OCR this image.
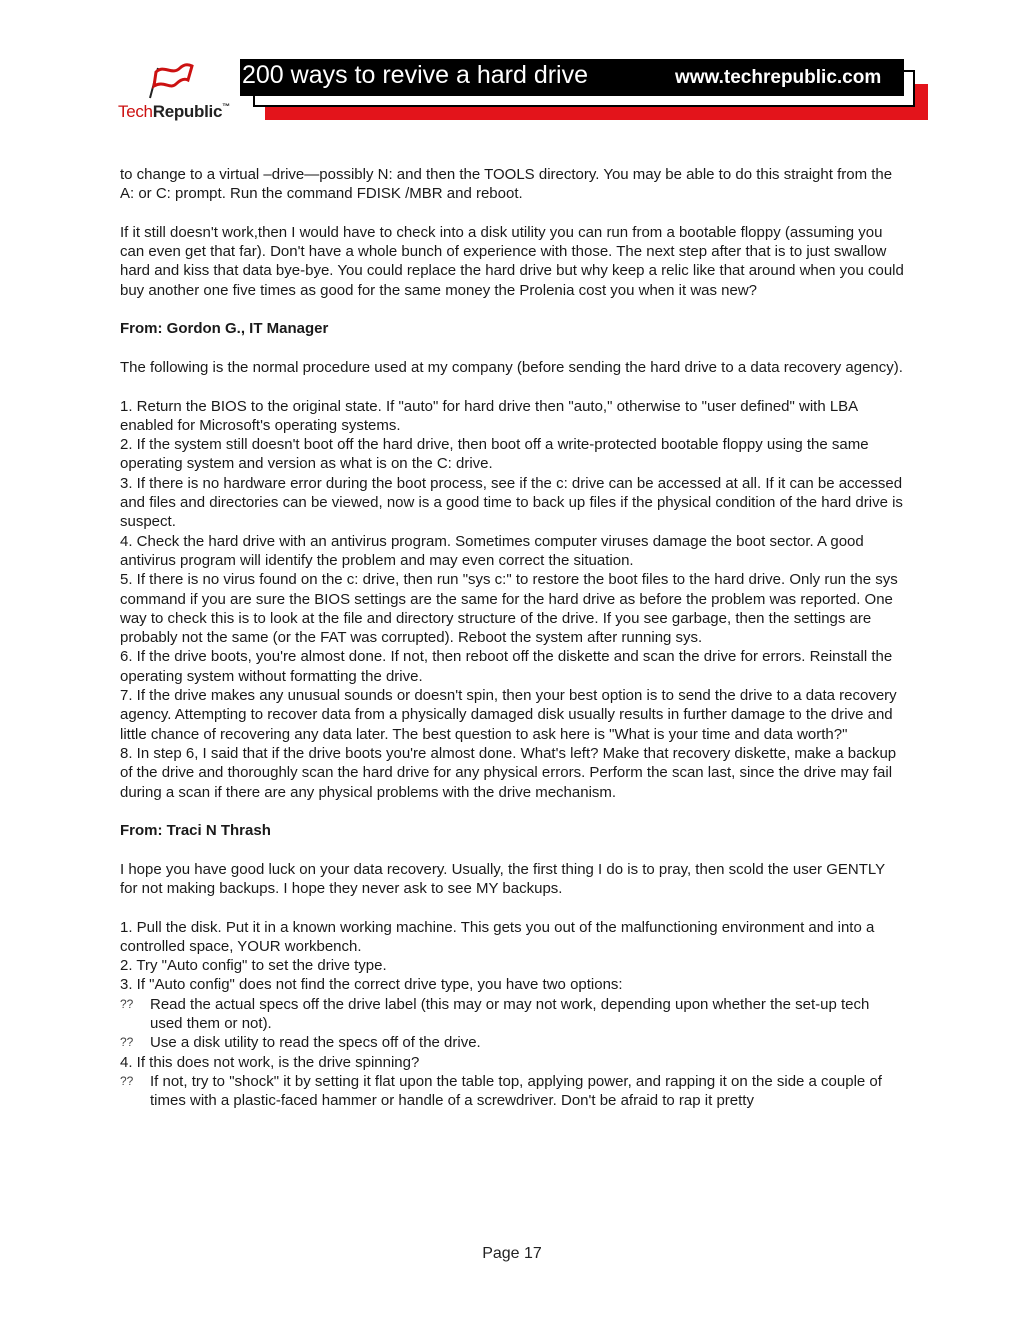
TechRepublic™
200 ways to revive a hard drive	www.techrepublic.com

to change to a virtual –drive—possibly N: and then the TOOLS directory. You may be able to do this straight from the A: or C: prompt. Run the command FDISK /MBR and reboot.

If it still doesn't work,then I would have to check into a disk utility you can run from a bootable floppy (assuming you can even get that far). Don't have a whole bunch of experience with those. The next step after that is to just swallow hard and kiss that data bye-bye. You could replace the hard drive but why keep a relic like that around when you could buy another one five times as good for the same money the Prolenia cost you when it was new?

From: Gordon G., IT Manager

The following is the normal procedure used at my company (before sending the hard drive to a data recovery agency).

1. Return the BIOS to the original state. If "auto" for hard drive then "auto," otherwise to "user defined" with LBA enabled for Microsoft's operating systems.
2. If the system still doesn't boot off the hard drive, then boot off a write-protected bootable floppy using the same operating system and version as what is on the C: drive.
3. If there is no hardware error during the boot process, see if the c: drive can be accessed at all. If it can be accessed and files and directories can be viewed, now is a good time to back up files if the physical condition of the hard drive is suspect.
4. Check the hard drive with an antivirus program. Sometimes computer viruses damage the boot sector. A good antivirus program will identify the problem and may even correct the situation.
5. If there is no virus found on the c: drive, then run "sys c:" to restore the boot files to the hard drive. Only run the sys command if you are sure the BIOS settings are the same for the hard drive as before the problem was reported. One way to check this is to look at the file and directory structure of the drive. If you see garbage, then the settings are probably not the same (or the FAT was corrupted). Reboot the system after running sys.
6. If the drive boots, you're almost done. If not, then reboot off the diskette and scan the drive for errors. Reinstall the operating system without formatting the drive.
7. If the drive makes any unusual sounds or doesn't spin, then your best option is to send the drive to a data recovery agency. Attempting to recover data from a physically damaged disk usually results in further damage to the drive and little chance of recovering any data later. The best question to ask here is "What is your time and data worth?"
8. In step 6, I said that if the drive boots you're almost done. What's left? Make that recovery diskette, make a backup of the drive and thoroughly scan the hard drive for any physical errors. Perform the scan last, since the drive may fail during a scan if there are any physical problems with the drive mechanism.

From: Traci N Thrash

I hope you have good luck on your data recovery. Usually, the first thing I do is to pray, then scold the user GENTLY for not making backups. I hope they never ask to see MY backups.

1. Pull the disk. Put it in a known working machine. This gets you out of the malfunctioning environment and into a controlled space, YOUR workbench.
2. Try "Auto config" to set the drive type.
3. If "Auto config" does not find the correct drive type, you have two options:
??	Read the actual specs off the drive label (this may or may not work, depending upon whether the set-up tech used them or not).
??	Use a disk utility to read the specs off of the drive.
4. If this does not work, is the drive spinning?
??	If not, try to "shock" it by setting it flat upon the table top, applying power, and rapping it on the side a couple of times with a plastic-faced hammer or handle of a screwdriver. Don't be afraid to rap it pretty
Page 17
